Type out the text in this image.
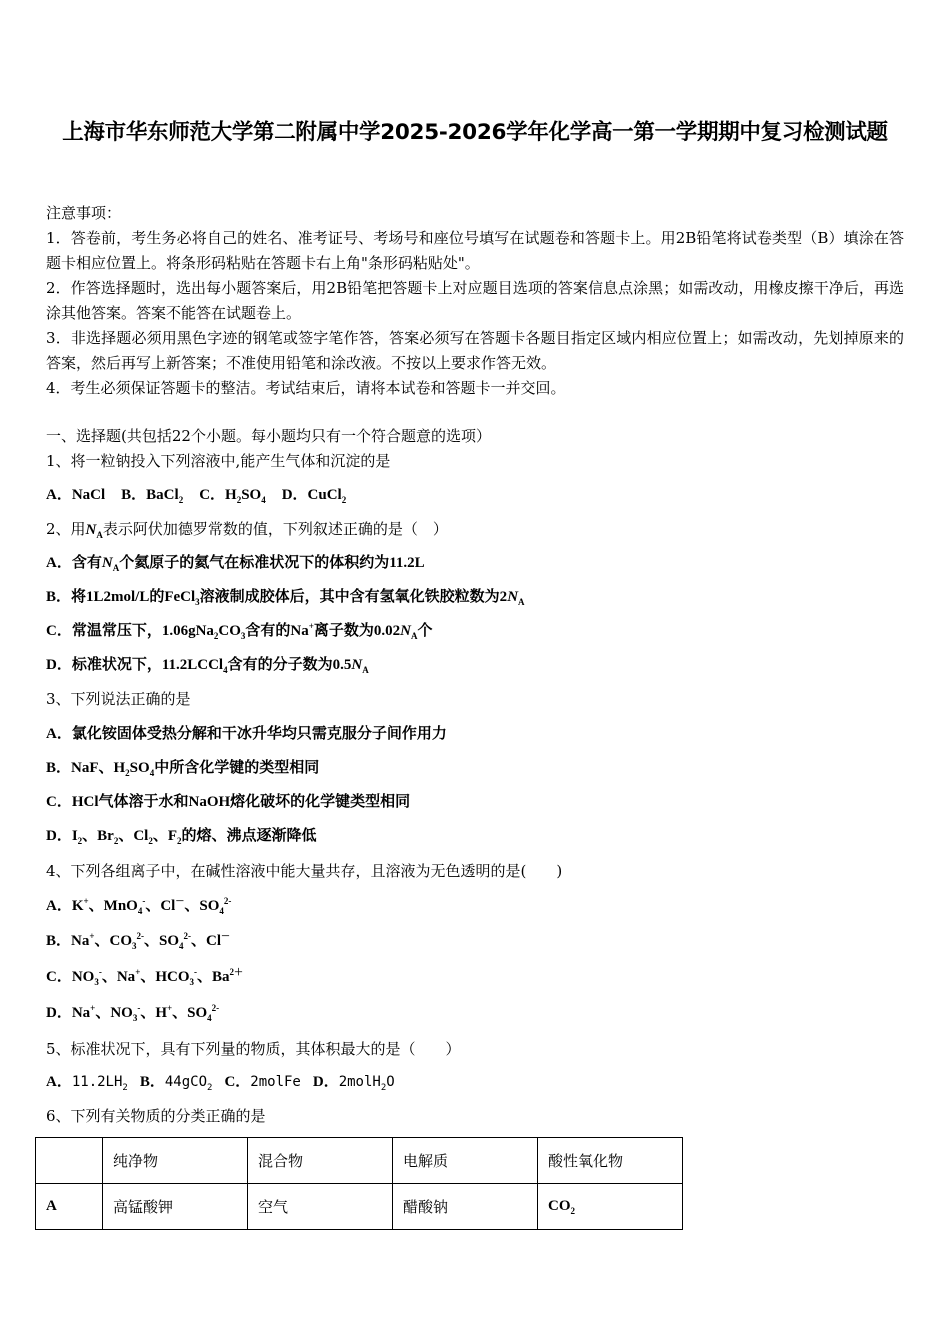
上海市华东师范大学第二附属中学2025-2026学年化学高一第一学期期中复习检测试题
注意事项：
1．答卷前，考生务必将自己的姓名、准考证号、考场号和座位号填写在试题卷和答题卡上。用2B铅笔将试卷类型（B）填涂在答题卡相应位置上。将条形码粘贴在答题卡右上角"条形码粘贴处"。
2．作答选择题时，选出每小题答案后，用2B铅笔把答题卡上对应题目选项的答案信息点涂黑；如需改动，用橡皮擦干净后，再选涂其他答案。答案不能答在试题卷上。
3．非选择题必须用黑色字迹的钢笔或签字笔作答，答案必须写在答题卡各题目指定区域内相应位置上；如需改动，先划掉原来的答案，然后再写上新答案；不准使用铅笔和涂改液。不按以上要求作答无效。
4．考生必须保证答题卡的整洁。考试结束后，请将本试卷和答题卡一并交回。
一、选择题(共包括22个小题。每小题均只有一个符合题意的选项）
1、将一粒钠投入下列溶液中,能产生气体和沉淀的是
A．NaCl B．BaCl$_2$ C．$H_2SO_4$ D．CuCl$_2$
2、用$N_A$表示阿伏加德罗常数的值，下列叙述正确的是（　）
A．含有$N_A$个氦原子的氦气在标准状况下的体积约为11.2L
B．将1L2mol/L的FeCl$_3$溶液制成胶体后，其中含有氢氧化铁胶粒数为$2N_A$
C．常温常压下，$1.06gNa_2CO_3$含有的Na+离子数为$0.02N_A$个
D．标准状况下，11.2LCCl$_4$含有的分子数为$0.5N_A$
3、下列说法正确的是
A．氯化铵固体受热分解和干冰升华均只需克服分子间作用力
B．NaF、$H_2SO_4$中所含化学键的类型相同
C．HCl气体溶于水和NaOH熔化破坏的化学键类型相同
D．$I_2$、$Br_2$、$Cl_2$、$F_2$的熔、沸点逐渐降低
4、下列各组离子中，在碱性溶液中能大量共存，且溶液为无色透明的是(　　)
A．K+、MnO$_4$-、Cl－、$SO_4^{2-}$
B．Na+、$CO_3^{2-}$、$SO_4^{2-}$、Cl－
C．$NO_3^-$、Na+、$HCO_3^-$、$Ba^{2+}$
D．Na+、$NO_3^-$、H+、$SO_4^{2-}$
5、标准状况下，具有下列量的物质，其体积最大的是（　　）
A．$11.2LH_2$ B．44gCO$_2$ C．2molFe D．2molH$_2$O
6、下列有关物质的分类正确的是
	纯净物	混合物	电解质	酸性氧化物
A	高锰酸钾	空气	醋酸钠	$CO_2$
